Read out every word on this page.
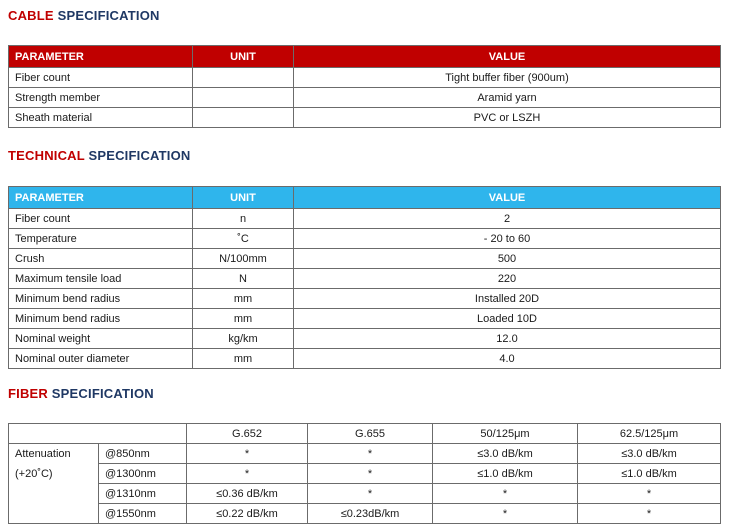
CABLE SPECIFICATION
PARAMETER	UNIT	VALUE
Fiber count		Tight buffer fiber (900um)
Strength member		Aramid yarn
Sheath material		PVC or LSZH
TECHNICAL SPECIFICATION
PARAMETER	UNIT	VALUE
Fiber count	n	2
Temperature	˚C	- 20 to 60
Crush	N/100mm	500
Maximum tensile load	N	220
Minimum bend radius	mm	Installed 20D
Minimum bend radius	mm	Loaded 10D
Nominal weight	kg/km	12.0
Nominal outer diameter	mm	4.0
FIBER SPECIFICATION
		G.652	G.655	50/125μm	62.5/125μm
Attenuation	@850nm	*	*	≤3.0 dB/km	≤3.0 dB/km
(+20˚C)	@1300nm	*	*	≤1.0 dB/km	≤1.0 dB/km
	@1310nm	≤0.36 dB/km	*	*	*
	@1550nm	≤0.22 dB/km	≤0.23dB/km	*	*
